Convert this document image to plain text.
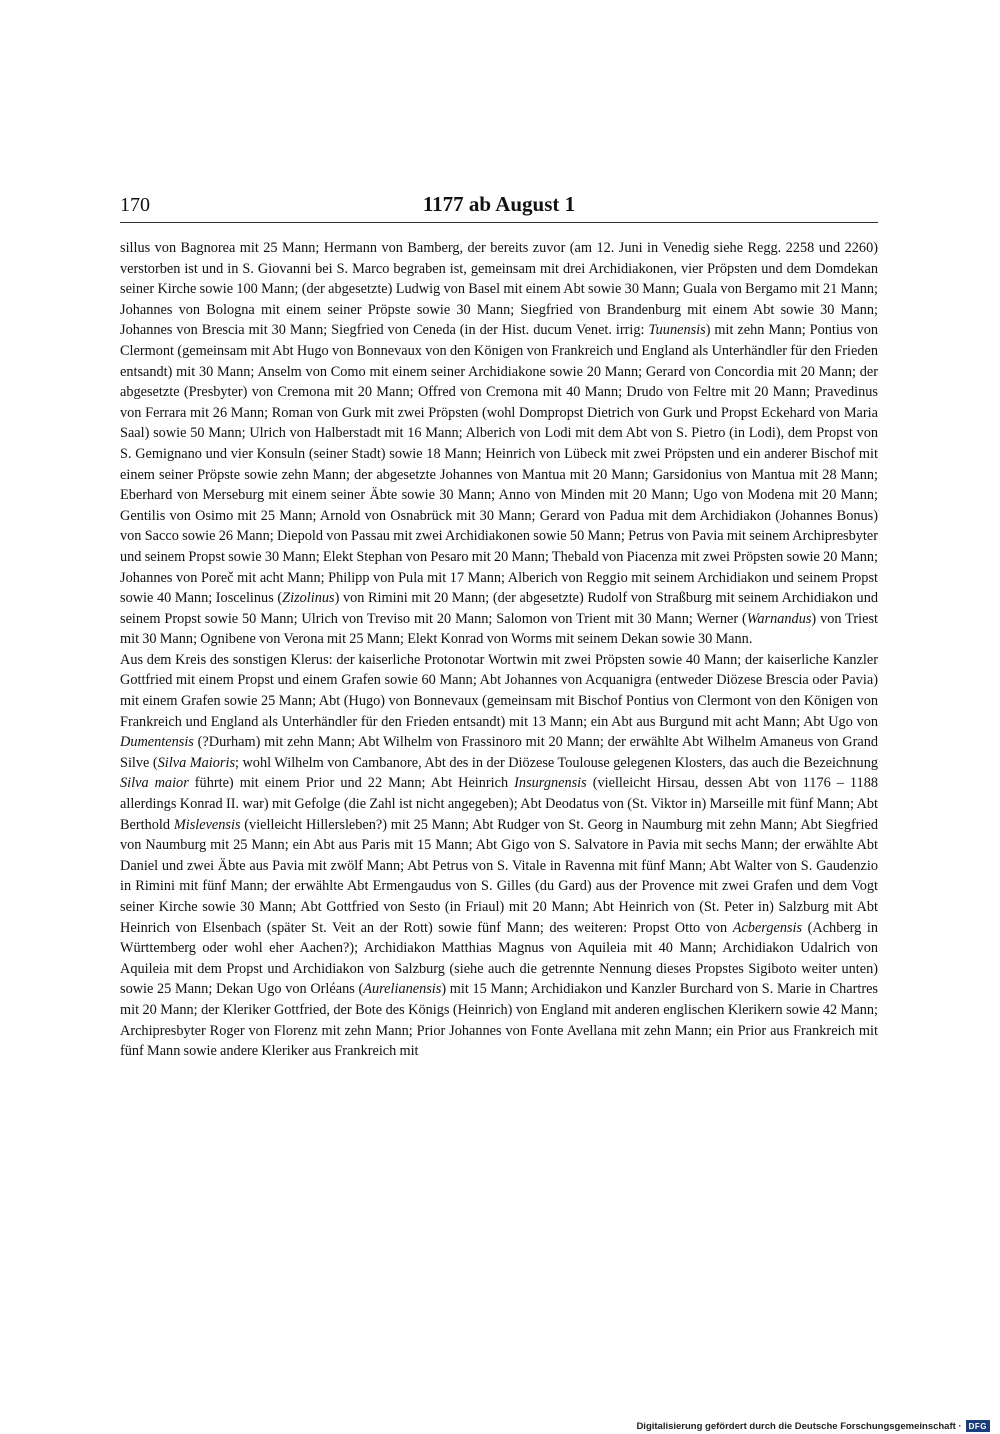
170	1177 ab August 1

sillus von Bagnorea mit 25 Mann; Hermann von Bamberg, der bereits zuvor (am 12. Juni in Venedig siehe Regg. 2258 und 2260) verstorben ist und in S. Giovanni bei S. Marco begraben ist, gemeinsam mit drei Archidiakonen, vier Pröpsten und dem Domdekan seiner Kirche sowie 100 Mann; (der abgesetzte) Ludwig von Basel mit einem Abt sowie 30 Mann; Guala von Bergamo mit 21 Mann; Johannes von Bologna mit einem seiner Pröpste sowie 30 Mann; Siegfried von Brandenburg mit einem Abt sowie 30 Mann; Johannes von Brescia mit 30 Mann; Siegfried von Ceneda (in der Hist. ducum Venet. irrig: Tuunensis) mit zehn Mann; Pontius von Clermont (gemeinsam mit Abt Hugo von Bonnevaux von den Königen von Frankreich und England als Unterhändler für den Frieden entsandt) mit 30 Mann; Anselm von Como mit einem seiner Archidiakone sowie 20 Mann; Gerard von Concordia mit 20 Mann; der abgesetzte (Presbyter) von Cremona mit 20 Mann; Offred von Cremona mit 40 Mann; Drudo von Feltre mit 20 Mann; Pravedinus von Ferrara mit 26 Mann; Roman von Gurk mit zwei Pröpsten (wohl Dompropst Dietrich von Gurk und Propst Eckehard von Maria Saal) sowie 50 Mann; Ulrich von Halberstadt mit 16 Mann; Alberich von Lodi mit dem Abt von S. Pietro (in Lodi), dem Propst von S. Gemignano und vier Konsuln (seiner Stadt) sowie 18 Mann; Heinrich von Lübeck mit zwei Pröpsten und ein anderer Bischof mit einem seiner Pröpste sowie zehn Mann; der abgesetzte Johannes von Mantua mit 20 Mann; Garsidonius von Mantua mit 28 Mann; Eberhard von Merseburg mit einem seiner Äbte sowie 30 Mann; Anno von Minden mit 20 Mann; Ugo von Modena mit 20 Mann; Gentilis von Osimo mit 25 Mann; Arnold von Osnabrück mit 30 Mann; Gerard von Padua mit dem Archidiakon (Johannes Bonus) von Sacco sowie 26 Mann; Diepold von Passau mit zwei Archidiakonen sowie 50 Mann; Petrus von Pavia mit seinem Archipresbyter und seinem Propst sowie 30 Mann; Elekt Stephan von Pesaro mit 20 Mann; Thebald von Piacenza mit zwei Pröpsten sowie 20 Mann; Johannes von Poreč mit acht Mann; Philipp von Pula mit 17 Mann; Alberich von Reggio mit seinem Archidiakon und seinem Propst sowie 40 Mann; Ioscelinus (Zizolinus) von Rimini mit 20 Mann; (der abgesetzte) Rudolf von Straßburg mit seinem Archidiakon und seinem Propst sowie 50 Mann; Ulrich von Treviso mit 20 Mann; Salomon von Trient mit 30 Mann; Werner (Warnandus) von Triest mit 30 Mann; Ognibene von Verona mit 25 Mann; Elekt Konrad von Worms mit seinem Dekan sowie 30 Mann.

Aus dem Kreis des sonstigen Klerus: der kaiserliche Protonotar Wortwin mit zwei Pröpsten sowie 40 Mann; der kaiserliche Kanzler Gottfried mit einem Propst und einem Grafen sowie 60 Mann; Abt Johannes von Acquanigra (entweder Diözese Brescia oder Pavia) mit einem Grafen sowie 25 Mann; Abt (Hugo) von Bonnevaux (gemeinsam mit Bischof Pontius von Clermont von den Königen von Frankreich und England als Unterhändler für den Frieden entsandt) mit 13 Mann; ein Abt aus Burgund mit acht Mann; Abt Ugo von Dumentensis (?Durham) mit zehn Mann; Abt Wilhelm von Frassinoro mit 20 Mann; der erwählte Abt Wilhelm Amaneus von Grand Silve (Silva Maioris; wohl Wilhelm von Cambanore, Abt des in der Diözese Toulouse gelegenen Klosters, das auch die Bezeichnung Silva maior führte) mit einem Prior und 22 Mann; Abt Heinrich Insurgnensis (vielleicht Hirsau, dessen Abt von 1176 – 1188 allerdings Konrad II. war) mit Gefolge (die Zahl ist nicht angegeben); Abt Deodatus von (St. Viktor in) Marseille mit fünf Mann; Abt Berthold Mislevensis (vielleicht Hillersleben?) mit 25 Mann; Abt Rudger von St. Georg in Naumburg mit zehn Mann; Abt Siegfried von Naumburg mit 25 Mann; ein Abt aus Paris mit 15 Mann; Abt Gigo von S. Salvatore in Pavia mit sechs Mann; der erwählte Abt Daniel und zwei Äbte aus Pavia mit zwölf Mann; Abt Petrus von S. Vitale in Ravenna mit fünf Mann; Abt Walter von S. Gaudenzio in Rimini mit fünf Mann; der erwählte Abt Ermengaudus von S. Gilles (du Gard) aus der Provence mit zwei Grafen und dem Vogt seiner Kirche sowie 30 Mann; Abt Gottfried von Sesto (in Friaul) mit 20 Mann; Abt Heinrich von (St. Peter in) Salzburg mit Abt Heinrich von Elsenbach (später St. Veit an der Rott) sowie fünf Mann; des weiteren: Propst Otto von Acbergensis (Achberg in Württemberg oder wohl eher Aachen?); Archidiakon Matthias Magnus von Aquileia mit 40 Mann; Archidiakon Udalrich von Aquileia mit dem Propst und Archidiakon von Salzburg (siehe auch die getrennte Nennung dieses Propstes Sigiboto weiter unten) sowie 25 Mann; Dekan Ugo von Orléans (Aurelianensis) mit 15 Mann; Archidiakon und Kanzler Burchard von S. Marie in Chartres mit 20 Mann; der Kleriker Gottfried, der Bote des Königs (Heinrich) von England mit anderen englischen Klerikern sowie 42 Mann; Archipresbyter Roger von Florenz mit zehn Mann; Prior Johannes von Fonte Avellana mit zehn Mann; ein Prior aus Frankreich mit fünf Mann sowie andere Kleriker aus Frankreich mit

Digitalisierung gefördert durch die Deutsche Forschungsgemeinschaft · DFG
